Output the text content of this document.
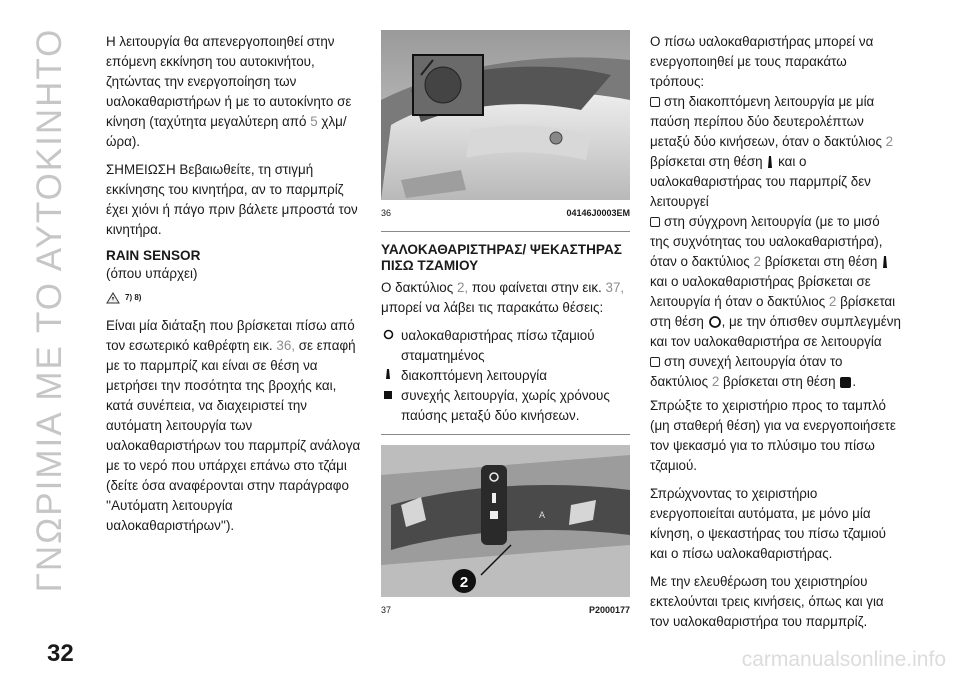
ΓΝΩΡΙΜΙΑ ΜΕ ΤΟ ΑΥΤΟΚΙΝΗΤΟ	Η λειτουργία θα απενεργοποιηθεί στην επόμενη εκκίνηση του αυτοκινήτου, ζητώντας την ενεργοποίηση των υαλοκαθαριστήρων ή με το αυτοκίνητο σε κίνηση (ταχύτητα μεγαλύτερη από 5 χλμ/ώρα).

ΣΗΜΕΙΩΣΗ Βεβαιωθείτε, τη στιγμή εκκίνησης του κινητήρα, αν το παρμπρίζ έχει χιόνι ή πάγο πριν βάλετε μπροστά τον κινητήρα.

RAIN SENSOR

(όπου υπάρχει)

7) 8)

Είναι μία διάταξη που βρίσκεται πίσω από τον εσωτερικό καθρέφτη εικ. 36, σε επαφή με το παρμπρίζ και είναι σε θέση να μετρήσει την ποσότητα της βροχής και, κατά συνέπεια, να διαχειριστεί την αυτόματη λειτουργία των υαλοκαθαριστήρων του παρμπρίζ ανάλογα με το νερό που υπάρχει επάνω στο τζάμι (δείτε όσα αναφέρονται στην παράγραφο ''Αυτόματη λειτουργία υαλοκαθαριστήρων'').

36	04146J0003EM
ΥΑΛΟΚΑΘΑΡΙΣΤΗΡΑΣ/ ΨΕΚΑΣΤΗΡΑΣ ΠΙΣΩ ΤΖΑΜΙΟΥ

Ο δακτύλιος 2, που φαίνεται στην εικ. 37, μπορεί να λάβει τις παρακάτω θέσεις:

υαλοκαθαριστήρας πίσω τζαμιού σταματημένος
διακοπτόμενη λειτουργία
συνεχής λειτουργία, χωρίς χρόνους παύσης μεταξύ δύο κινήσεων.
A
2
37	P2000177

Ο πίσω υαλοκαθαριστήρας μπορεί να ενεργοποιηθεί με τους παρακάτω τρόπους:

στη διακοπτόμενη λειτουργία με μία παύση περίπου δύο δευτερολέπτων μεταξύ δύο κινήσεων, όταν ο δακτύλιος 2 βρίσκεται στη θέση και ο υαλοκαθαριστήρας του παρμπρίζ δεν λειτουργεί
στη σύγχρονη λειτουργία (με το μισό της συχνότητας του υαλοκαθαριστήρα), όταν ο δακτύλιος 2 βρίσκεται στη θέση  και ο υαλοκαθαριστήρας βρίσκεται σε λειτουργία ή όταν ο δακτύλιος 2 βρίσκεται στη θέση , με την όπισθεν συμπλεγμένη και τον υαλοκαθαριστήρα σε λειτουργία
στη συνεχή λειτουργία όταν το δακτύλιος 2 βρίσκεται στη θέση .

Σπρώξτε το χειριστήριο προς το ταμπλό (μη σταθερή θέση) για να ενεργοποιήσετε τον ψεκασμό για το πλύσιμο του πίσω τζαμιού.

Σπρώχνοντας το χειριστήριο ενεργοποιείται αυτόματα, με μόνο μία κίνηση, ο ψεκαστήρας του πίσω τζαμιού και ο πίσω υαλοκαθαριστήρας.

Με την ελευθέρωση του χειριστηρίου εκτελούνται τρεις κινήσεις, όπως και για τον υαλοκαθαριστήρα του παρμπρίζ.

32	carmanualsonline.info
